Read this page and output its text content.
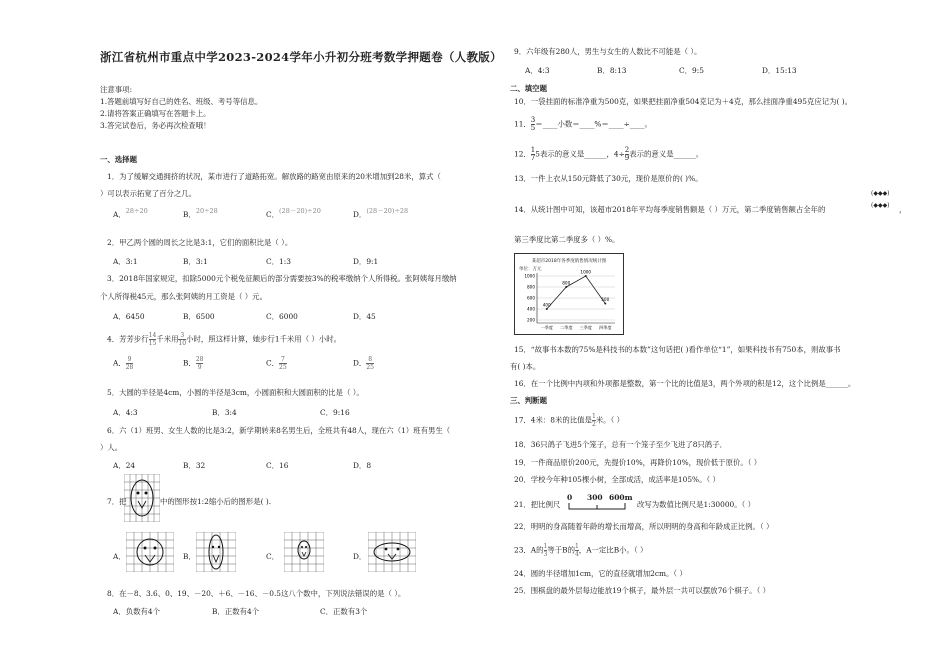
浙江省杭州市重点中学2023-2024学年小升初分班考数学押题卷（人教版）
注意事项:
1.答题前填写好自己的姓名、班级、考号等信息。
2.请将答案正确填写在答题卡上。
3.答完试卷后，务必再次检查哦！
一、选择题
1．为了缓解交通拥挤的状况，某市进行了道路拓宽。解放路的路宽由原来的20米增加到28米，算式（
）可以表示拓宽了百分之几。
A．28÷20	B．20÷28	C．(28－20)÷20	D．(28－20)÷28
2．甲乙两个圆的周长之比是3:1，它们的面积比是（ ）。
A．3:1	B．3:1	C．1:3	D．9:1
3．2018年国家规定，扣除5000元个税免征额后的部分需要按3%的税率缴纳个人所得税。张阿姨每月缴纳
个人所得税45元，那么张阿姨的月工资是（ ）元。
A．6450	B．6500	C．6000	D．45
4．芳芳步行 $\frac{14}{15}$ 千米用 $\frac{3}{10}$ 小时，照这样计算，她步行1千米用（ ）小时。
A． $\frac{9}{28}$	B． $\frac{28}{9}$	C． $\frac{7}{25}$	D． $\frac{8}{25}$
5．大圆的半径是4cm，小圆的半径是3cm，小圆面积和大圆面积的比是（ ）。
A．4:3	B．3:4	C．9:16
6．六（1）班男、女生人数的比是3:2，新学期转来8名男生后，全班共有48人，现在六（1）班有男生（
）人。
A．24	B．32	C．16	D．8
7．把	中的图形按1:2缩小后的图形是( ).
A．	B．	C．	D．
8．在－8、3.6、0、19、－20、＋6、－16、－0.5这八个数中，下列说法错误的是（ ）。
A．负数有4个	B．正数有4个	C．正数有3个
9．六年级有280人，男生与女生的人数比不可能是（ ）。
A．4:3	B．8:13	C．9:5	D．15:13
二、填空题
10．一袋挂面的标准净重为500克，如果把挂面净重504克记为＋4克，那么挂面净重495克应记为( )。
11． $\frac{3}{5}$ ＝____小数＝____%＝____÷____。
12． $\frac{1}{7} 5$表示的意义是______，$4\div \frac{2}{9}$ 表示的意义是______。
13．一件上衣从150元降低了30元，现价是原价的( )%。
(◆◆◆)
14．从统计图中可知，该超市2018年平均每季度销售额是（ ）万元，第二季度销售额占全年的	(◆◆◆) ，
第三季度比第二季度多（ ）%。
某超市2018年各季度销售情况统计图
单位：万元
1000
800
600
400
200
400
800
1000
500
一季度 二季度 三季度 四季度
15．“故事书本数的75%是科技书的本数”这句话把( )看作单位“1”，如果科技书有750本，则故事书
有( )本。
16．在一个比例中内项和外项都是整数，第一个比的比值是3，两个外项的积是12，这个比例是______。
三、判断题
17．4米：8米的比值是 $\frac{1}{2}$ 米。（ ）
18．36只鸽子飞进5个笼子，总有一个笼子至少飞进了8只鸽子．
19．一件商品原价200元，先提价10%，再降价10%，现价低于原价。（ ）
20．学校今年种105棵小树，全部成活，成活率是105%。（ ）
21．把比例尺
0 300 600m
改写为数值比例尺是1:30000。（ ）
22．明明的身高随着年龄的增长而增高，所以明明的身高和年龄成正比例。（ ）
23．A的 $\frac{1}{3}$ 等于B的 $\frac{1}{4}$ ，A一定比B小。（ ）
24．圆的半径增加1cm，它的直径就增加2cm。（ ）
25．围棋盘的最外层每边能放19个棋子，最外层一共可以摆放76个棋子。（ ）
